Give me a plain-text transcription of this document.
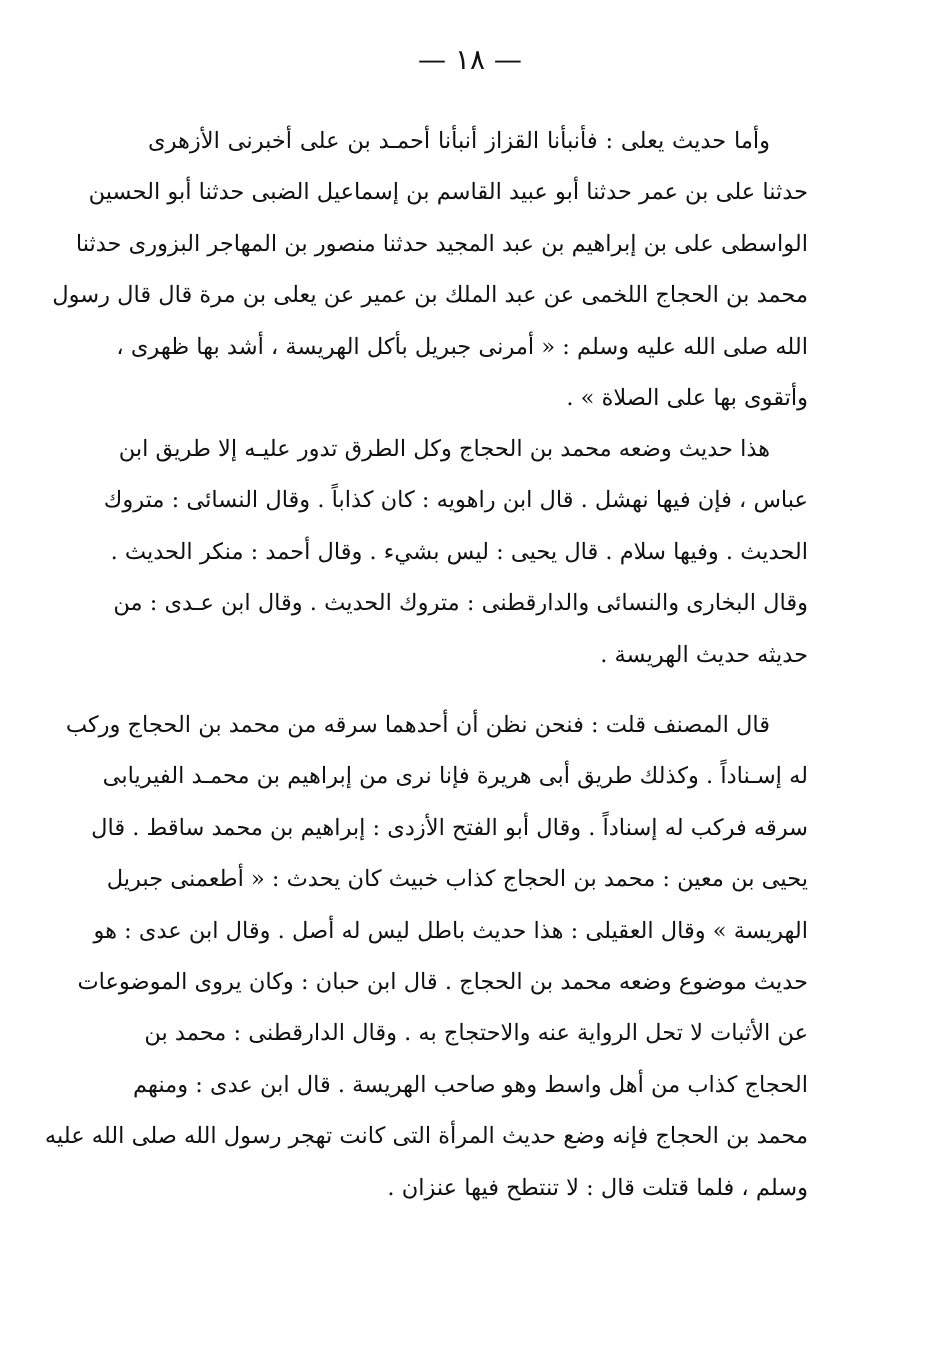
— ١٨ —
وأما حديث يعلى : فأنبأنا القزاز أنبأنا أحمـد بن على أخبرنى الأزهرى
حدثنا على بن عمر حدثنا أبو عبيد القاسم بن إسماعيل الضبى حدثنا أبو الحسين
الواسطى على بن إبراهيم بن عبد المجيد حدثنا منصور بن المهاجر البزورى حدثنا
محمد بن الحجاج اللخمى عن عبد الملك بن عمير عن يعلى بن مرة قال قال رسول
الله صلى الله عليه وسلم : « أمرنى جبريل بأكل الهريسة ، أشد بها ظهرى ،
وأتقوى بها على الصلاة » .
هذا حديث وضعه محمد بن الحجاج وكل الطرق تدور عليـه إلا طريق ابن
عباس ، فإن فيها نهشل . قال ابن راهويه : كان كذاباً . وقال النسائى : متروك
الحديث . وفيها سلام . قال يحيى : ليس بشيء . وقال أحمد : منكر الحديث .
وقال البخارى والنسائى والدارقطنى : متروك الحديث . وقال ابن عـدى : من
حديثه حديث الهريسة .
قال المصنف قلت : فنحن نظن أن أحدهما سرقه من محمد بن الحجاج وركب
له إسـناداً . وكذلك طريق أبى هريرة فإنا نرى من إبراهيم بن محمـد الفيريابى
سرقه فركب له إسناداً . وقال أبو الفتح الأزدى : إبراهيم بن محمد ساقط . قال
يحيى بن معين : محمد بن الحجاج كذاب خبيث كان يحدث : « أطعمنى جبريل
الهريسة » وقال العقيلى : هذا حديث باطل ليس له أصل . وقال ابن عدى : هو
حديث موضوع وضعه محمد بن الحجاج . قال ابن حبان : وكان يروى الموضوعات
عن الأثبات لا تحل الرواية عنه والاحتجاج به . وقال الدارقطنى : محمد بن
الحجاج كذاب من أهل واسط وهو صاحب الهريسة . قال ابن عدى : ومنهم
محمد بن الحجاج فإنه وضع حديث المرأة التى كانت تهجر رسول الله صلى الله عليه
وسلم ، فلما قتلت قال : لا تنتطح فيها عنزان .
